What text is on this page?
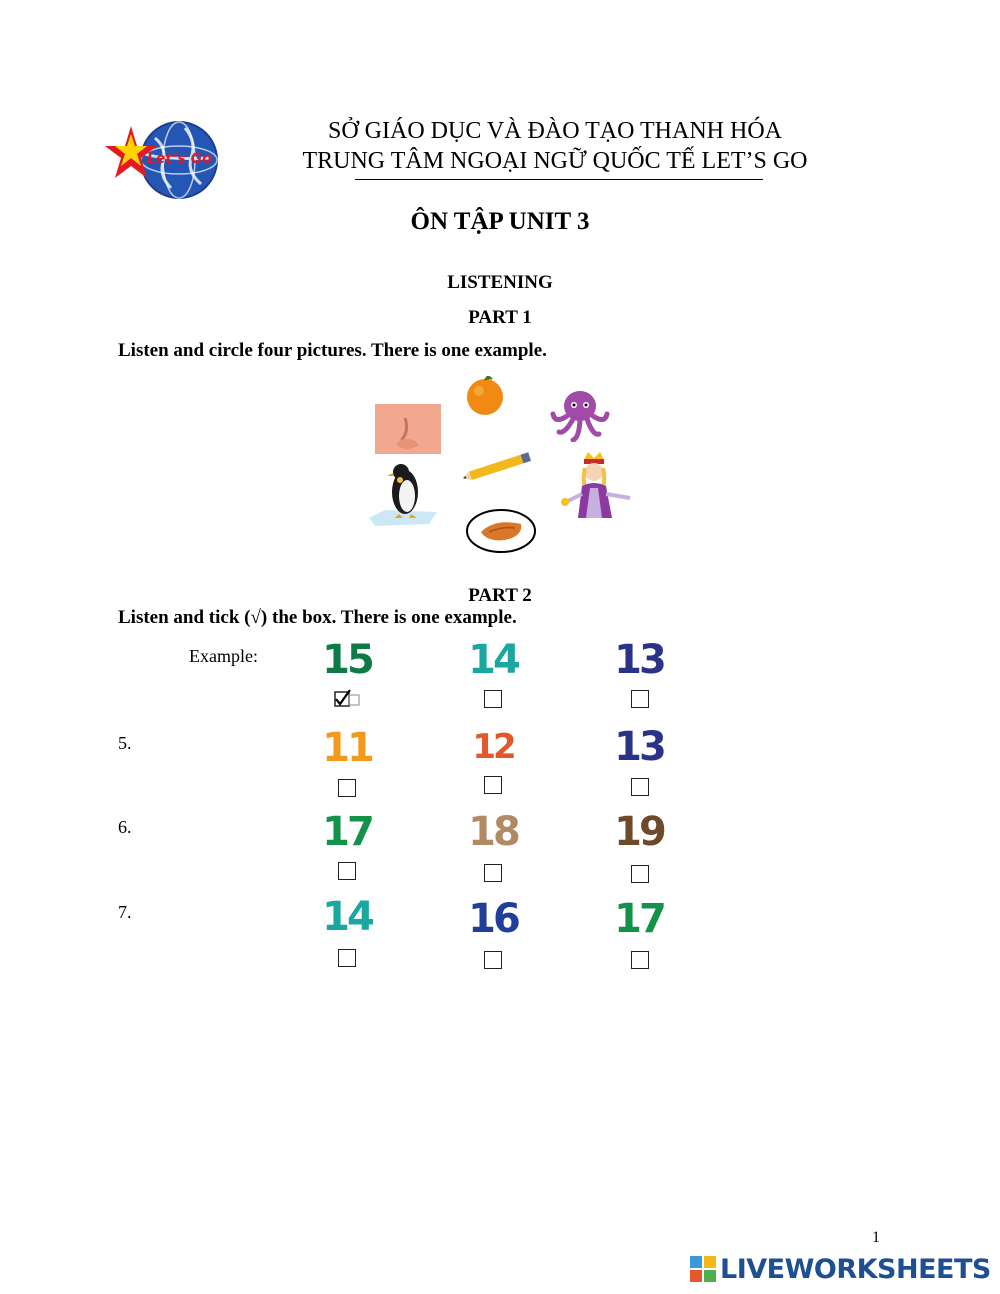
Let’s Go
SỞ GIÁO DỤC VÀ ĐÀO TẠO THANH HÓA
TRUNG TÂM NGOẠI NGỮ QUỐC TẾ LET’S GO
ÔN TẬP UNIT 3
LISTENING
PART 1
Listen and circle four pictures. There is one example.
PART 2
Listen and tick (√) the box. There is one example.
Example:	15	14	13
5.	11	12	13
6.	17	18	19
7.	14	16	17
1
LIVEWORKSHEETS
